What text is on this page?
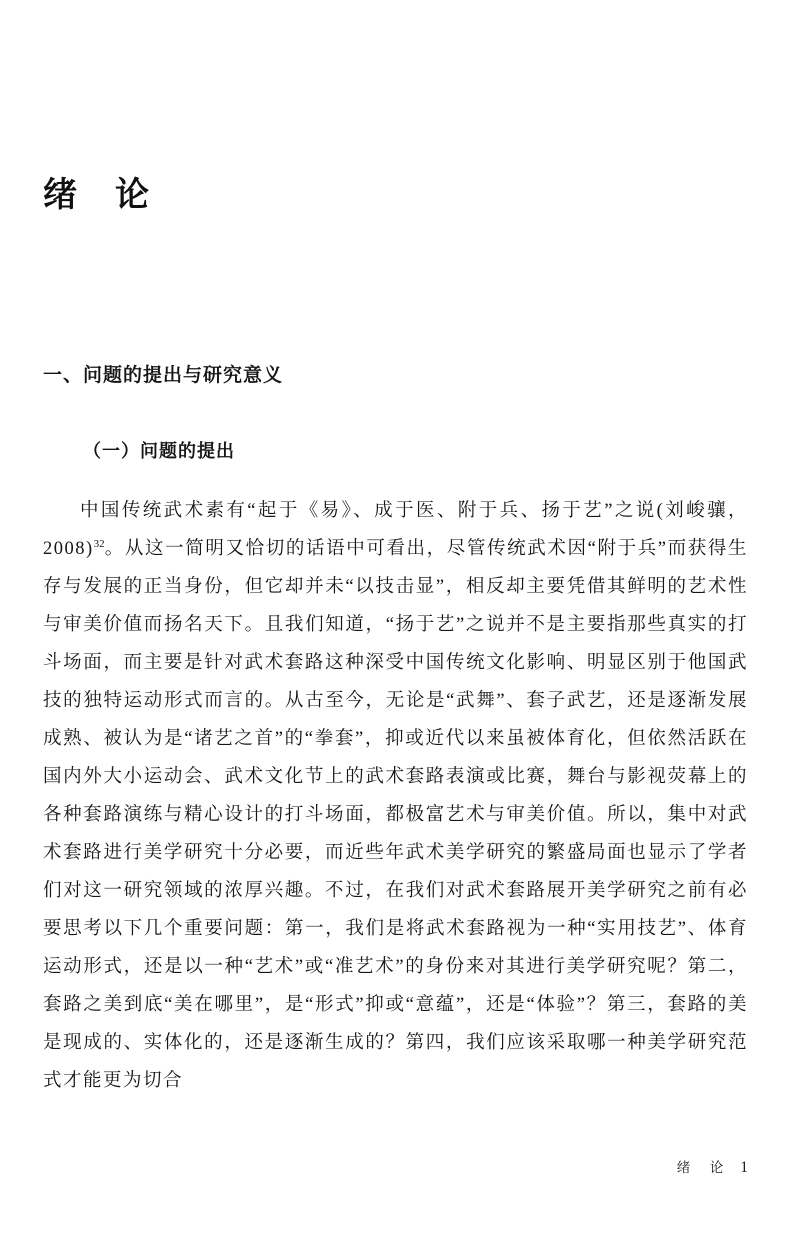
绪　论
一、问题的提出与研究意义
（一）问题的提出

中国传统武术素有“起于《易》、成于医、附于兵、扬于艺”之说(刘峻骧，2008)$^{32}$。从这一简明又恰切的话语中可看出，尽管传统武术因“附于兵”而获得生存与发展的正当身份，但它却并未“以技击显”，相反却主要凭借其鲜明的艺术性与审美价值而扬名天下。且我们知道，“扬于艺”之说并不是主要指那些真实的打斗场面，而主要是针对武术套路这种深受中国传统文化影响、明显区别于他国武技的独特运动形式而言的。从古至今，无论是“武舞”、套子武艺，还是逐渐发展成熟、被认为是“诸艺之首”的“拳套”，抑或近代以来虽被体育化，但依然活跃在国内外大小运动会、武术文化节上的武术套路表演或比赛，舞台与影视荧幕上的各种套路演练与精心设计的打斗场面，都极富艺术与审美价值。所以，集中对武术套路进行美学研究十分必要，而近些年武术美学研究的繁盛局面也显示了学者们对这一研究领域的浓厚兴趣。不过，在我们对武术套路展开美学研究之前有必要思考以下几个重要问题：第一，我们是将武术套路视为一种“实用技艺”、体育运动形式，还是以一种“艺术”或“准艺术”的身份来对其进行美学研究呢？第二，套路之美到底“美在哪里”，是“形式”抑或“意蕴”，还是“体验”？第三，套路的美是现成的、实体化的，还是逐渐生成的？第四，我们应该采取哪一种美学研究范式才能更为切合

绪　论 1
